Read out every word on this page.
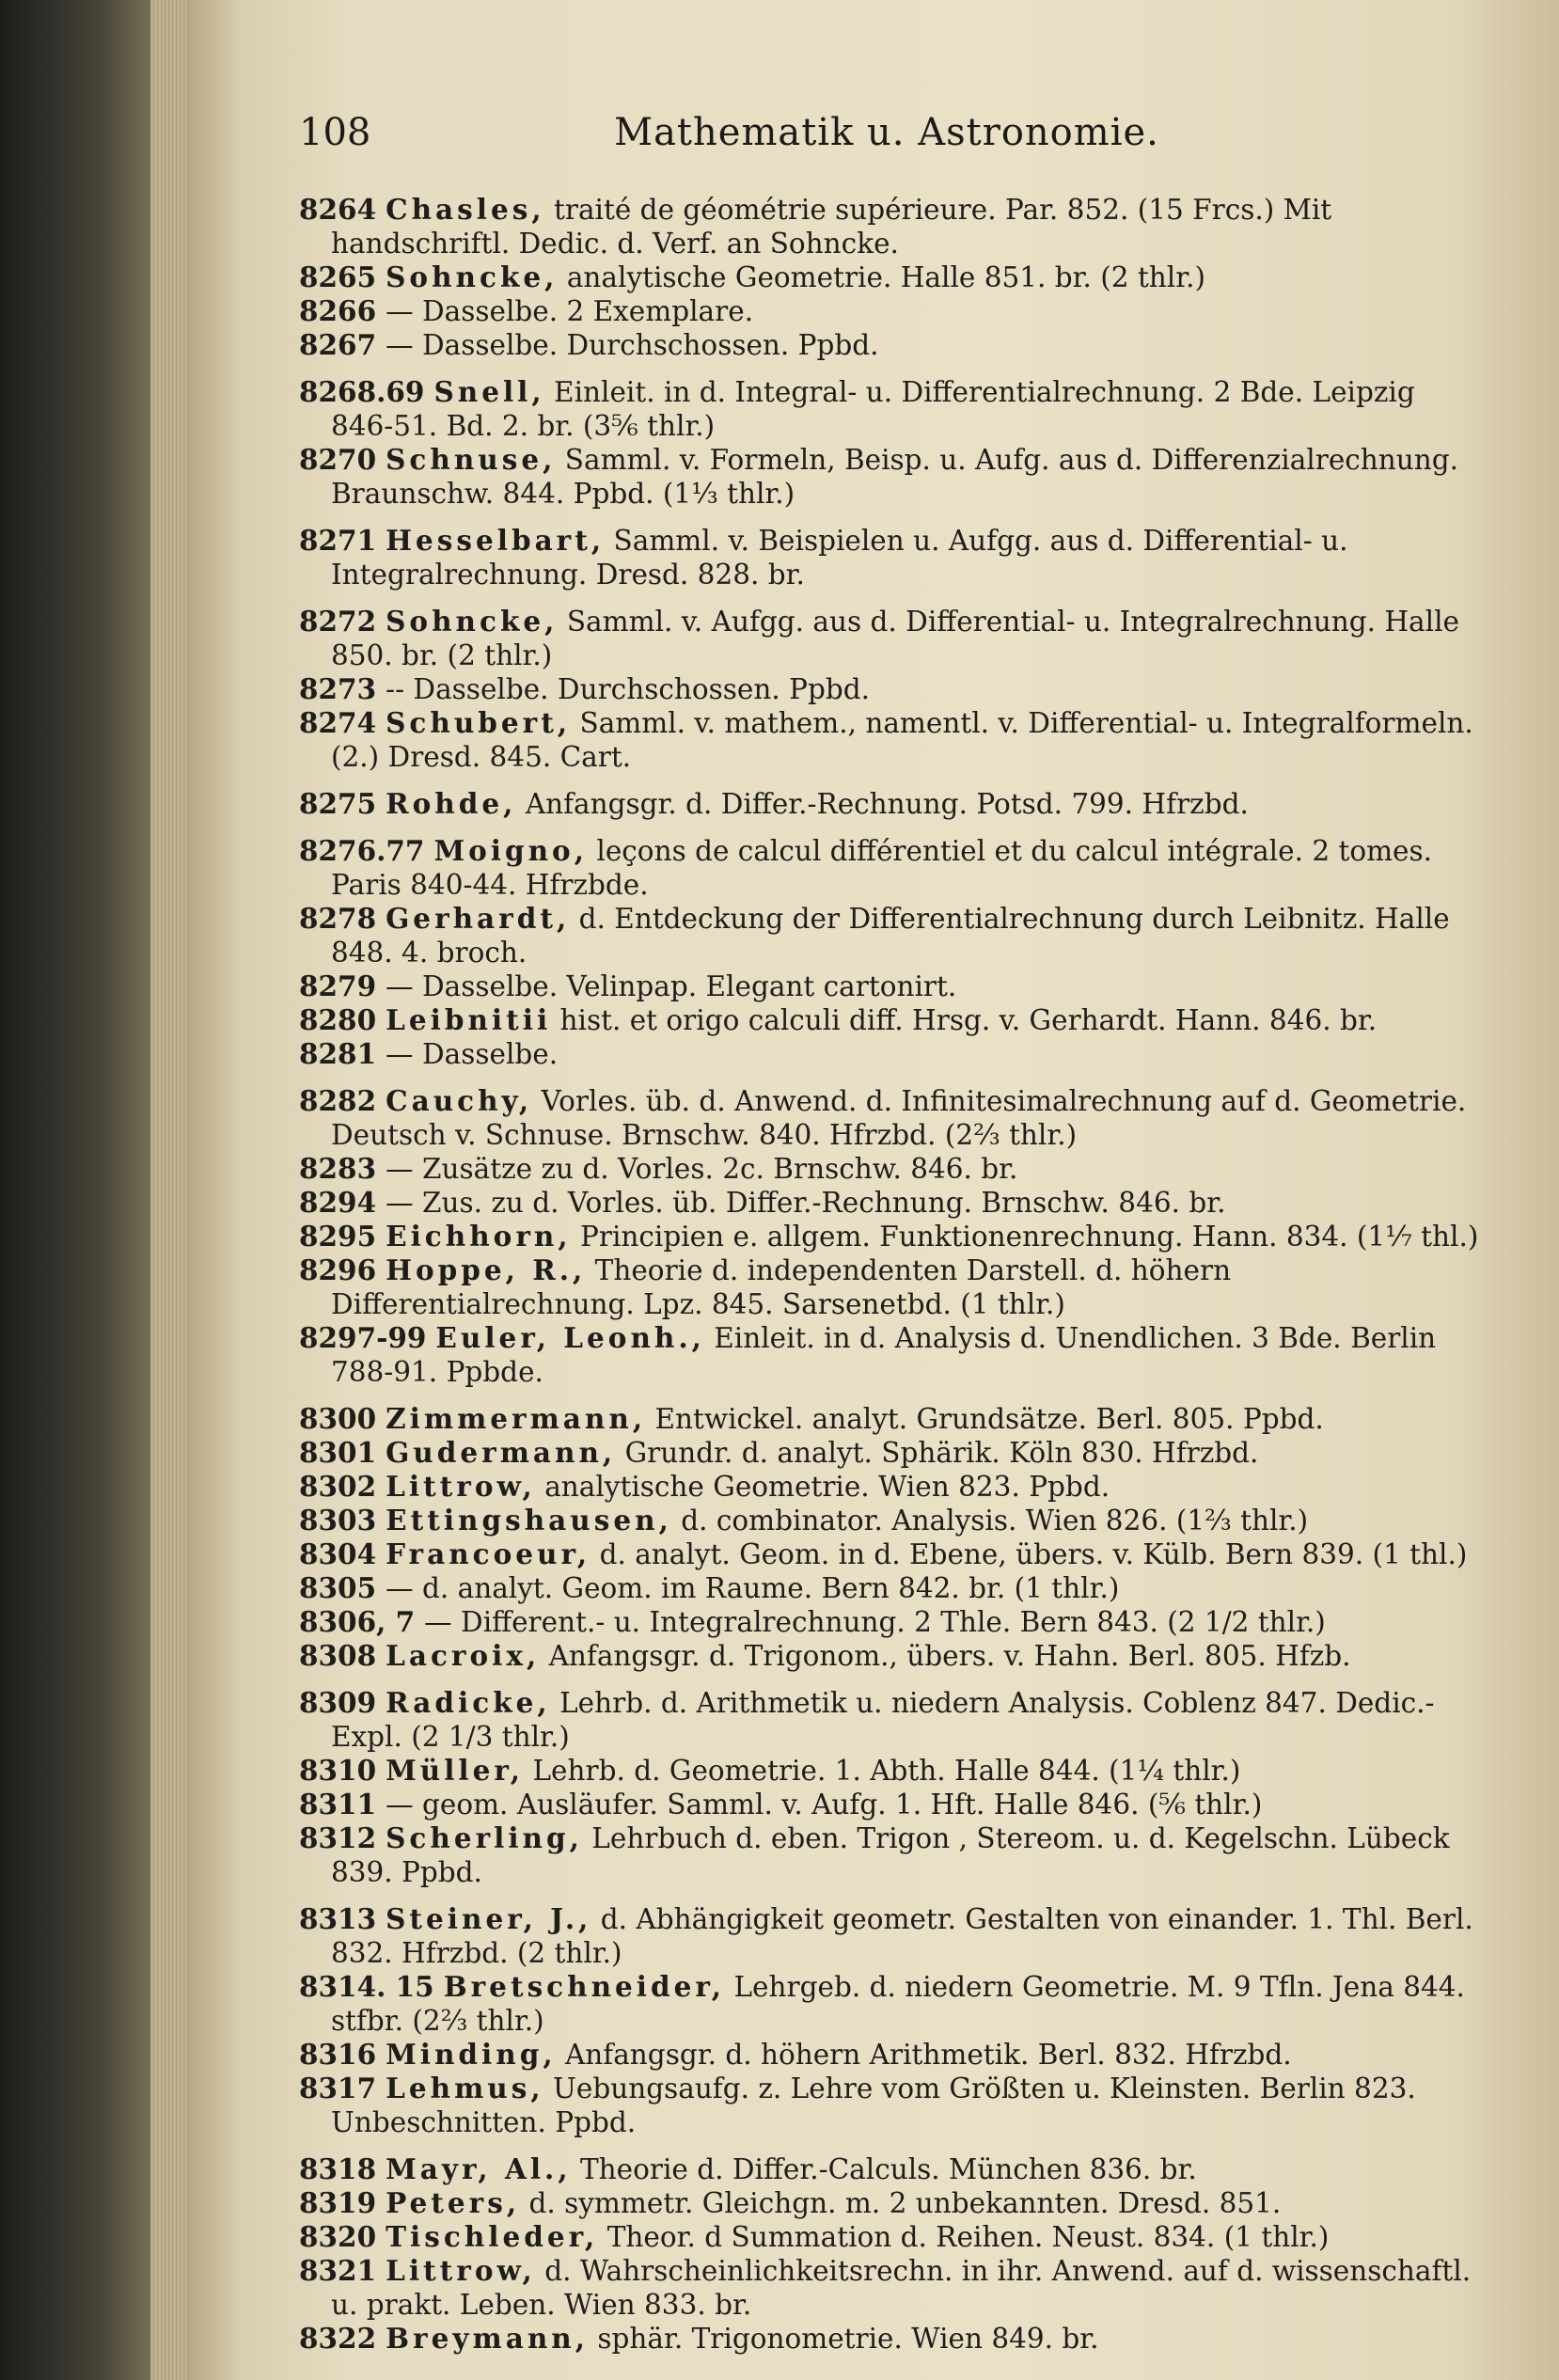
108	Mathematik u. Astronomie.

8264 Chasles, traité de géométrie supérieure. Par. 852. (15 Frcs.) Mit handschriftl. Dedic. d. Verf. an Sohncke.

8265 Sohncke, analytische Geometrie. Halle 851. br. (2 thlr.)

8266 — Dasselbe. 2 Exemplare.

8267 — Dasselbe. Durchschossen. Ppbd.

8268.69 Snell, Einleit. in d. Integral- u. Differentialrechnung. 2 Bde. Leipzig 846-51. Bd. 2. br. (3⅚ thlr.)

8270 Schnuse, Samml. v. Formeln, Beisp. u. Aufg. aus d. Differenzialrechnung. Braunschw. 844. Ppbd. (1⅓ thlr.)

8271 Hesselbart, Samml. v. Beispielen u. Aufgg. aus d. Differential- u. Integralrechnung. Dresd. 828. br.

8272 Sohncke, Samml. v. Aufgg. aus d. Differential- u. Integralrechnung. Halle 850. br. (2 thlr.)

8273 -- Dasselbe. Durchschossen. Ppbd.

8274 Schubert, Samml. v. mathem., namentl. v. Differential- u. Integralformeln. (2.) Dresd. 845. Cart.

8275 Rohde, Anfangsgr. d. Differ.-Rechnung. Potsd. 799. Hfrzbd.

8276.77 Moigno, leçons de calcul différentiel et du calcul intégrale. 2 tomes. Paris 840-44. Hfrzbde.

8278 Gerhardt, d. Entdeckung der Differentialrechnung durch Leibnitz. Halle 848. 4. broch.

8279 — Dasselbe. Velinpap. Elegant cartonirt.

8280 Leibnitii hist. et origo calculi diff. Hrsg. v. Gerhardt. Hann. 846. br.

8281 — Dasselbe.

8282 Cauchy, Vorles. üb. d. Anwend. d. Infinitesimalrechnung auf d. Geometrie. Deutsch v. Schnuse. Brnschw. 840. Hfrzbd. (2⅔ thlr.)

8283 — Zusätze zu d. Vorles. 2c. Brnschw. 846. br.

8294 — Zus. zu d. Vorles. üb. Differ.-Rechnung. Brnschw. 846. br.

8295 Eichhorn, Principien e. allgem. Funktionenrechnung. Hann. 834. (1⅐ thl.)

8296 Hoppe, R., Theorie d. independenten Darstell. d. höhern Differentialrechnung. Lpz. 845. Sarsenetbd. (1 thlr.)

8297-99 Euler, Leonh., Einleit. in d. Analysis d. Unendlichen. 3 Bde. Berlin 788-91. Ppbde.

8300 Zimmermann, Entwickel. analyt. Grundsätze. Berl. 805. Ppbd.

8301 Gudermann, Grundr. d. analyt. Sphärik. Köln 830. Hfrzbd.

8302 Littrow, analytische Geometrie. Wien 823. Ppbd.

8303 Ettingshausen, d. combinator. Analysis. Wien 826. (1⅔ thlr.)

8304 Francoeur, d. analyt. Geom. in d. Ebene, übers. v. Külb. Bern 839. (1 thl.)

8305 — d. analyt. Geom. im Raume. Bern 842. br. (1 thlr.)

8306, 7 — Different.- u. Integralrechnung. 2 Thle. Bern 843. (2 1/2 thlr.)

8308 Lacroix, Anfangsgr. d. Trigonom., übers. v. Hahn. Berl. 805. Hfzb.

8309 Radicke, Lehrb. d. Arithmetik u. niedern Analysis. Coblenz 847. Dedic.-Expl. (2 1/3 thlr.)

8310 Müller, Lehrb. d. Geometrie. 1. Abth. Halle 844. (1¼ thlr.)

8311 — geom. Ausläufer. Samml. v. Aufg. 1. Hft. Halle 846. (⅚ thlr.)

8312 Scherling, Lehrbuch d. eben. Trigon , Stereom. u. d. Kegelschn. Lübeck 839. Ppbd.

8313 Steiner, J., d. Abhängigkeit geometr. Gestalten von einander. 1. Thl. Berl. 832. Hfrzbd. (2 thlr.)

8314. 15 Bretschneider, Lehrgeb. d. niedern Geometrie. M. 9 Tfln. Jena 844. stfbr. (2⅔ thlr.)

8316 Minding, Anfangsgr. d. höhern Arithmetik. Berl. 832. Hfrzbd.

8317 Lehmus, Uebungsaufg. z. Lehre vom Größten u. Kleinsten. Berlin 823. Unbeschnitten. Ppbd.

8318 Mayr, Al., Theorie d. Differ.-Calculs. München 836. br.

8319 Peters, d. symmetr. Gleichgn. m. 2 unbekannten. Dresd. 851.

8320 Tischleder, Theor. d Summation d. Reihen. Neust. 834. (1 thlr.)

8321 Littrow, d. Wahrscheinlichkeitsrechn. in ihr. Anwend. auf d. wissenschaftl. u. prakt. Leben. Wien 833. br.

8322 Breymann, sphär. Trigonometrie. Wien 849. br.
